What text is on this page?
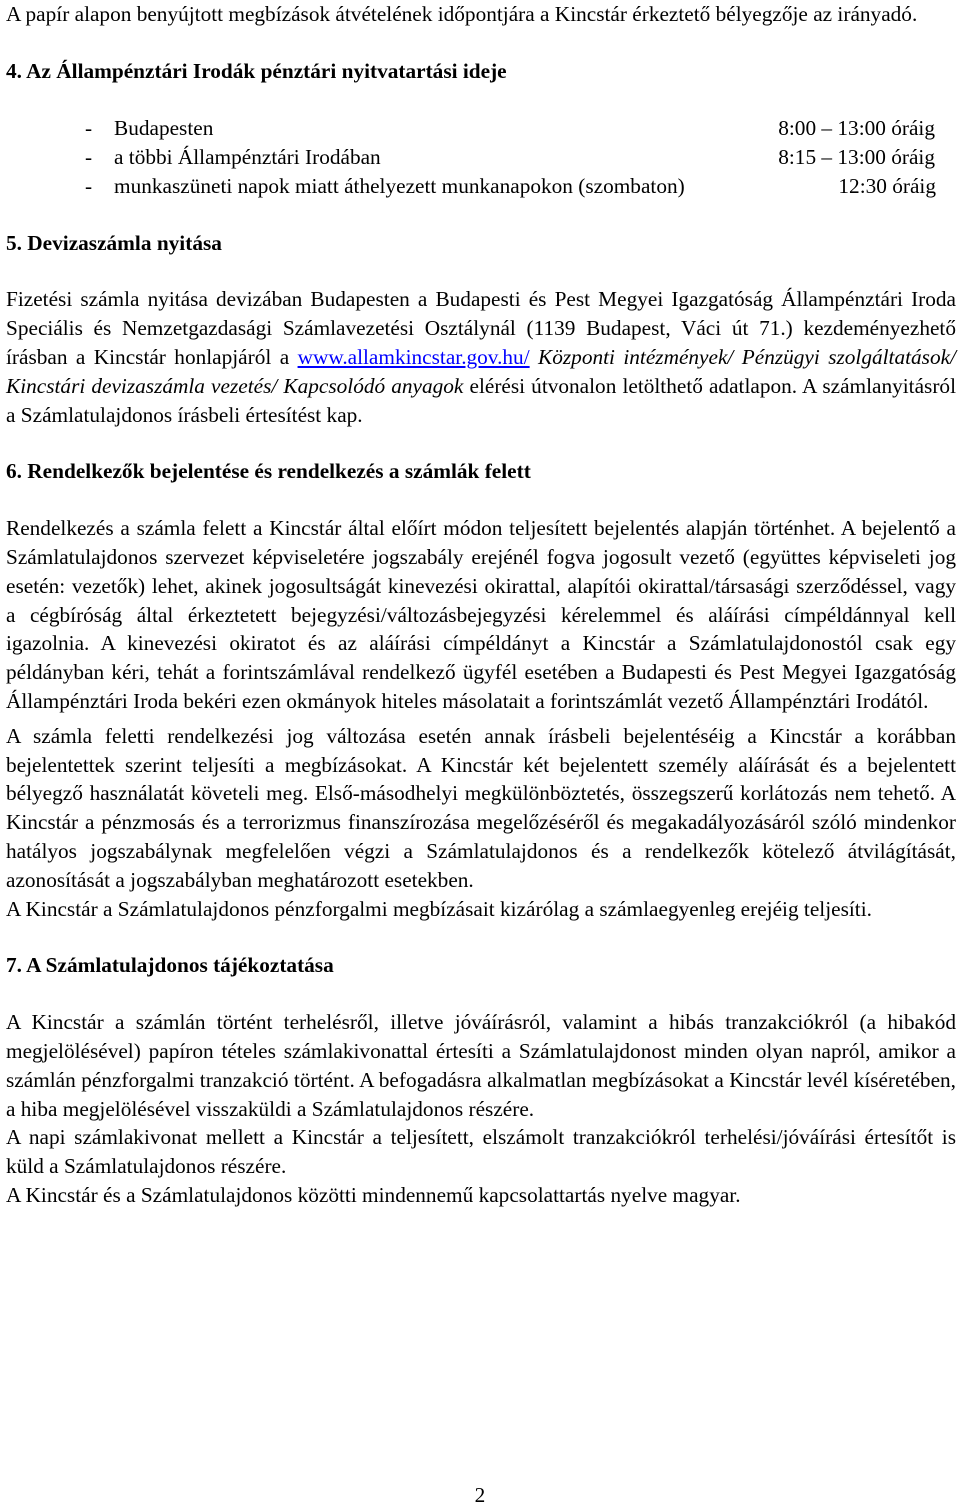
A papír alapon benyújtott megbízások átvételének időpontjára a Kincstár érkeztető bélyegzője az irányadó.

4. Az Állampénztári Irodák pénztári nyitvatartási ideje
- Budapesten	8:00 – 13:00 óráig
- a többi Állampénztári Irodában	8:15 – 13:00 óráig
- munkaszüneti napok miatt áthelyezett munkanapokon (szombaton)	12:30 óráig
5. Devizaszámla nyitása

Fizetési számla nyitása devizában Budapesten a Budapesti és Pest Megyei Igazgatóság Állampénztári Iroda Speciális és Nemzetgazdasági Számlavezetési Osztálynál (1139 Budapest, Váci út 71.) kezdeményezhető írásban a Kincstár honlapjáról a www.allamkincstar.gov.hu/ Központi intézmények/ Pénzügyi szolgáltatások/ Kincstári devizaszámla vezetés/ Kapcsolódó anyagok elérési útvonalon letölthető adatlapon. A számlanyitásról a Számlatulajdonos írásbeli értesítést kap.

6. Rendelkezők bejelentése és rendelkezés a számlák felett

Rendelkezés a számla felett a Kincstár által előírt módon teljesített bejelentés alapján történhet. A bejelentő a Számlatulajdonos szervezet képviseletére jogszabály erejénél fogva jogosult vezető (együttes képviseleti jog esetén: vezetők) lehet, akinek jogosultságát kinevezési okirattal, alapítói okirattal/társasági szerződéssel, vagy a cégbíróság által érkeztetett bejegyzési/változásbejegyzési kérelemmel és aláírási címpéldánnyal kell igazolnia. A kinevezési okiratot és az aláírási címpéldányt a Kincstár a Számlatulajdonostól csak egy példányban kéri, tehát a forintszámlával rendelkező ügyfél esetében a Budapesti és Pest Megyei Igazgatóság Állampénztári Iroda bekéri ezen okmányok hiteles másolatait a forintszámlát vezető Állampénztári Irodától.

A számla feletti rendelkezési jog változása esetén annak írásbeli bejelentéséig a Kincstár a korábban bejelentettek szerint teljesíti a megbízásokat. A Kincstár két bejelentett személy aláírását és a bejelentett bélyegző használatát követeli meg. Első-másodhelyi megkülönböztetés, összegszerű korlátozás nem tehető. A Kincstár a pénzmosás és a terrorizmus finanszírozása megelőzéséről és megakadályozásáról szóló mindenkor hatályos jogszabálynak megfelelően végzi a Számlatulajdonos és a rendelkezők kötelező átvilágítását, azonosítását a jogszabályban meghatározott esetekben.

A Kincstár a Számlatulajdonos pénzforgalmi megbízásait kizárólag a számlaegyenleg erejéig teljesíti.

7. A Számlatulajdonos tájékoztatása

A Kincstár a számlán történt terhelésről, illetve jóváírásról, valamint a hibás tranzakciókról (a hibakód megjelölésével) papíron tételes számlakivonattal értesíti a Számlatulajdonost minden olyan napról, amikor a számlán pénzforgalmi tranzakció történt. A befogadásra alkalmatlan megbízásokat a Kincstár levél kíséretében, a hiba megjelölésével visszaküldi a Számlatulajdonos részére.

A napi számlakivonat mellett a Kincstár a teljesített, elszámolt tranzakciókról terhelési/jóváírási értesítőt is küld a Számlatulajdonos részére.

A Kincstár és a Számlatulajdonos közötti mindennemű kapcsolattartás nyelve magyar.

2
